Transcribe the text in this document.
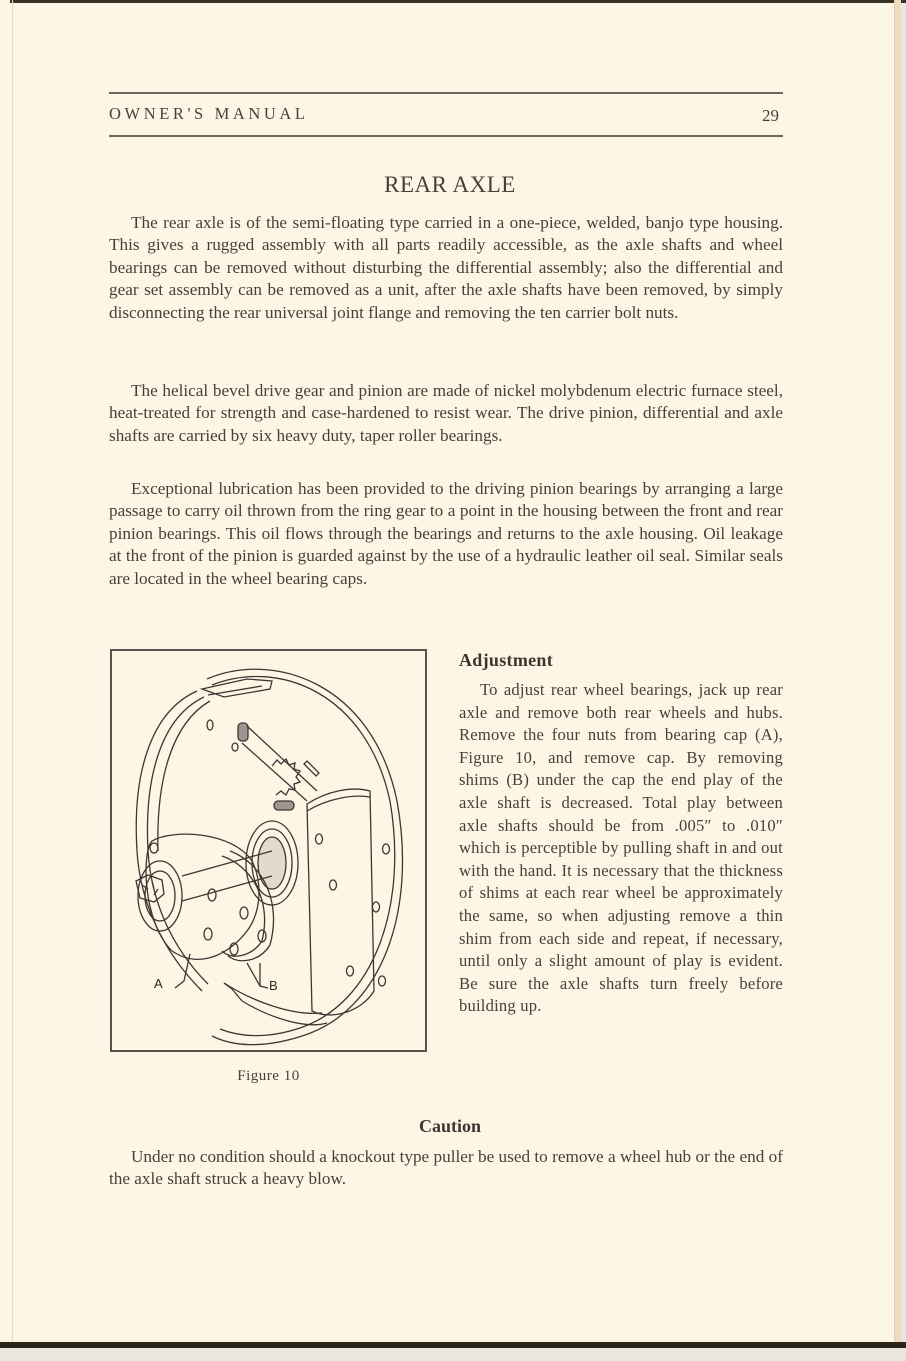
OWNER'S MANUAL	29
REAR AXLE

The rear axle is of the semi-floating type carried in a one-piece, welded, banjo type housing. This gives a rugged assembly with all parts readily accessible, as the axle shafts and wheel bearings can be removed without disturbing the differential assembly; also the differential and gear set assembly can be removed as a unit, after the axle shafts have been removed, by simply disconnecting the rear universal joint flange and removing the ten carrier bolt nuts.

The helical bevel drive gear and pinion are made of nickel molybdenum electric furnace steel, heat-treated for strength and case-hardened to resist wear. The drive pinion, differential and axle shafts are carried by six heavy duty, taper roller bearings.

Exceptional lubrication has been provided to the driving pinion bearings by arranging a large passage to carry oil thrown from the ring gear to a point in the housing between the front and rear pinion bearings. This oil flows through the bearings and returns to the axle housing. Oil leakage at the front of the pinion is guarded against by the use of a hydraulic leather oil seal. Similar seals are located in the wheel bearing caps.

A	B
Figure 10
Adjustment

To adjust rear wheel bearings, jack up rear axle and remove both rear wheels and hubs. Remove the four nuts from bearing cap (A), Figure 10, and remove cap. By removing shims (B) under the cap the end play of the axle shaft is decreased. Total play between axle shafts should be from .005″ to .010″ which is perceptible by pulling shaft in and out with the hand. It is necessary that the thickness of shims at each rear wheel be approximately the same, so when adjusting remove a thin shim from each side and repeat, if necessary, until only a slight amount of play is evident. Be sure the axle shafts turn freely before building up.

Caution

Under no condition should a knockout type puller be used to remove a wheel hub or the end of the axle shaft struck a heavy blow.
